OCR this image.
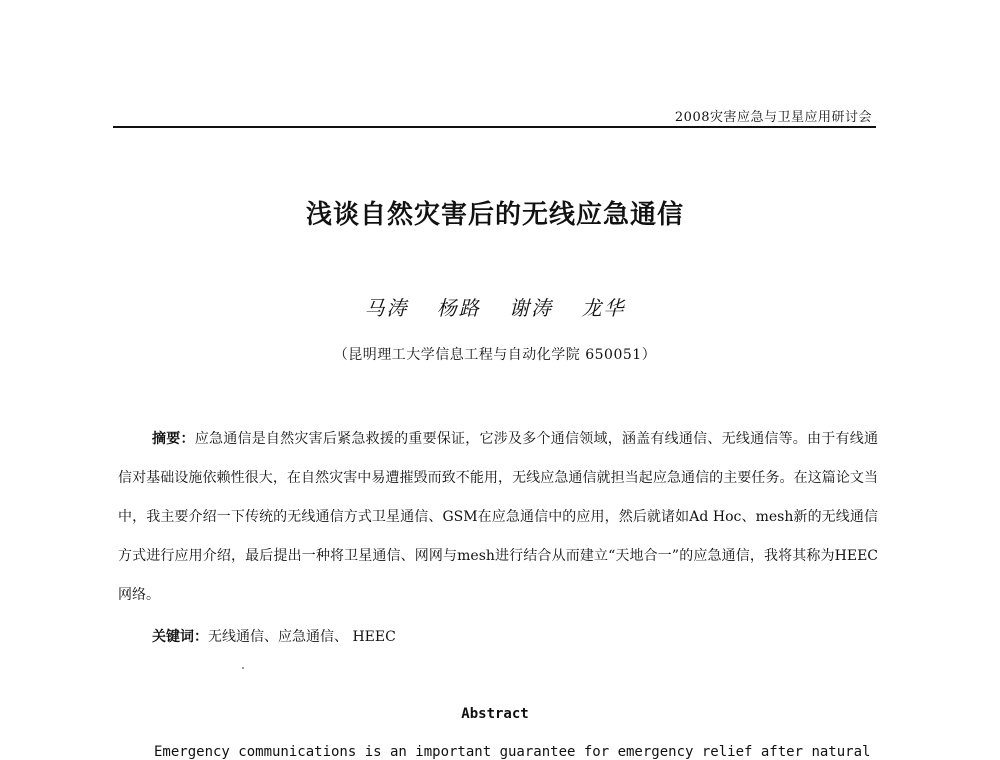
2008灾害应急与卫星应用研讨会
浅谈自然灾害后的无线应急通信
马涛 杨路 谢涛 龙华
（昆明理工大学信息工程与自动化学院 650051）

摘要：应急通信是自然灾害后紧急救援的重要保证，它涉及多个通信领域，涵盖有线通信、无线通信等。由于有线通信对基础设施依赖性很大，在自然灾害中易遭摧毁而致不能用，无线应急通信就担当起应急通信的主要任务。在这篇论文当中，我主要介绍一下传统的无线通信方式卫星通信、GSM在应急通信中的应用，然后就诸如Ad Hoc、mesh新的无线通信方式进行应用介绍，最后提出一种将卫星通信、网网与mesh进行结合从而建立“天地合一”的应急通信，我将其称为HEEC网络。

关键词：无线通信、应急通信、 HEEC
Abstract
Emergency communications is an important guarantee for emergency relief after natural
